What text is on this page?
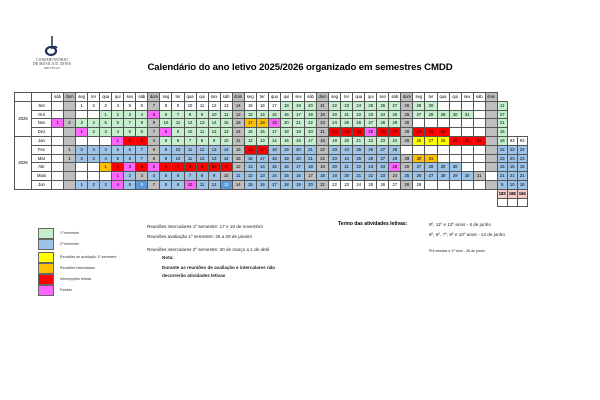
CONSERVATÓRIO
DE MÚSICA D. DINIS
ODIVELAS	Calendário do ano letivo 2025/2026 organizado em semestres CMDD
		sáb	dom	seg	ter	qua	qui	sex	sáb	dom	seg	ter	qua	qui	sex	sáb	dom	seg	ter	qua	qui	sex	sáb	dom	seg	ter	qua	qui	sex	sáb	dom	seg	ter	qua	qui	sex	sáb	dom			
2025	Set			1	2	3	4	5	6	7	8	9	10	11	12	13	14	15	16	17	18	19	20	21	22	23	24	25	26	27	28	29	30						11		
	Out					1	2	3	4	5	6	7	8	9	10	11	12	13	14	15	16	17	18	19	20	21	22	23	24	25	26	27	28	29	30	31			27		
	Nov	1	2	3	4	5	6	7	8	9	10	11	12	13	14	15	16	17	18	19	20	21	22	23	24	25	26	27	28	29	30								21		
	Dez			1	2	3	4	5	6	7	8	9	10	11	12	13	14	15	16	17	18	19	20	21	22	23	24	25	26	27	28	29	30	31					16		
2026	Jan						1	2	3	4	5	6	7	8	9	10	11	12	13	14	15	16	17	18	19	20	21	22	23	24	25	26	27	28	29	30	31		18	93	93
	Fev		1	2	3	4	5	6	7	8	9	10	11	12	13	14	15	16	17	18	19	20	21	22	23	24	25	26	27	28									22	22	22
	Mar		1	2	3	4	5	6	7	8	9	10	11	12	13	14	15	16	17	18	19	20	21	22	23	24	25	26	27	28	29	30	31						23	23	23
	Abr					1	2	3	4	5	6	7	8	9	10	11	12	13	14	15	16	17	18	19	20	21	22	23	24	25	26	27	28	29	30				15	15	15
	Maio						1	2	3	4	5	6	7	8	9	10	11	12	13	14	15	16	17	18	19	20	21	22	23	24	25	26	27	28	29	30	31		21	21	21
	Jun			1	2	3	4	5	6	7	8	9	10	11	12	13	14	15	16	17	18	19	20	21	22	23	24	25	26	27	28	29							5	10	16
																																							183	188	194

1º semestre
2º semestre
Reuniões de avaliação 1º semestre
Reuniões intercalares
Interrupções letivas
Feriado
Reuniões intercalares 1º semestre: 17 e 18 de novembro
Reuniões avaliação 1º semestre: 26 a 28 de janeiro
Reuniões intercalares 2º semestre: 30 de março a 1 de abril
Nota:
Durante as reuniões de avaliação e intercalares não
decorrerão atividades letivas
Termo das atividades letivas:	9º, 11º e 12º anos - 6 de junho
5º, 6º, 7º, 8º e 10º anos - 13 de junho
Pré-escolar e 1º ciclo - 26 de junho
